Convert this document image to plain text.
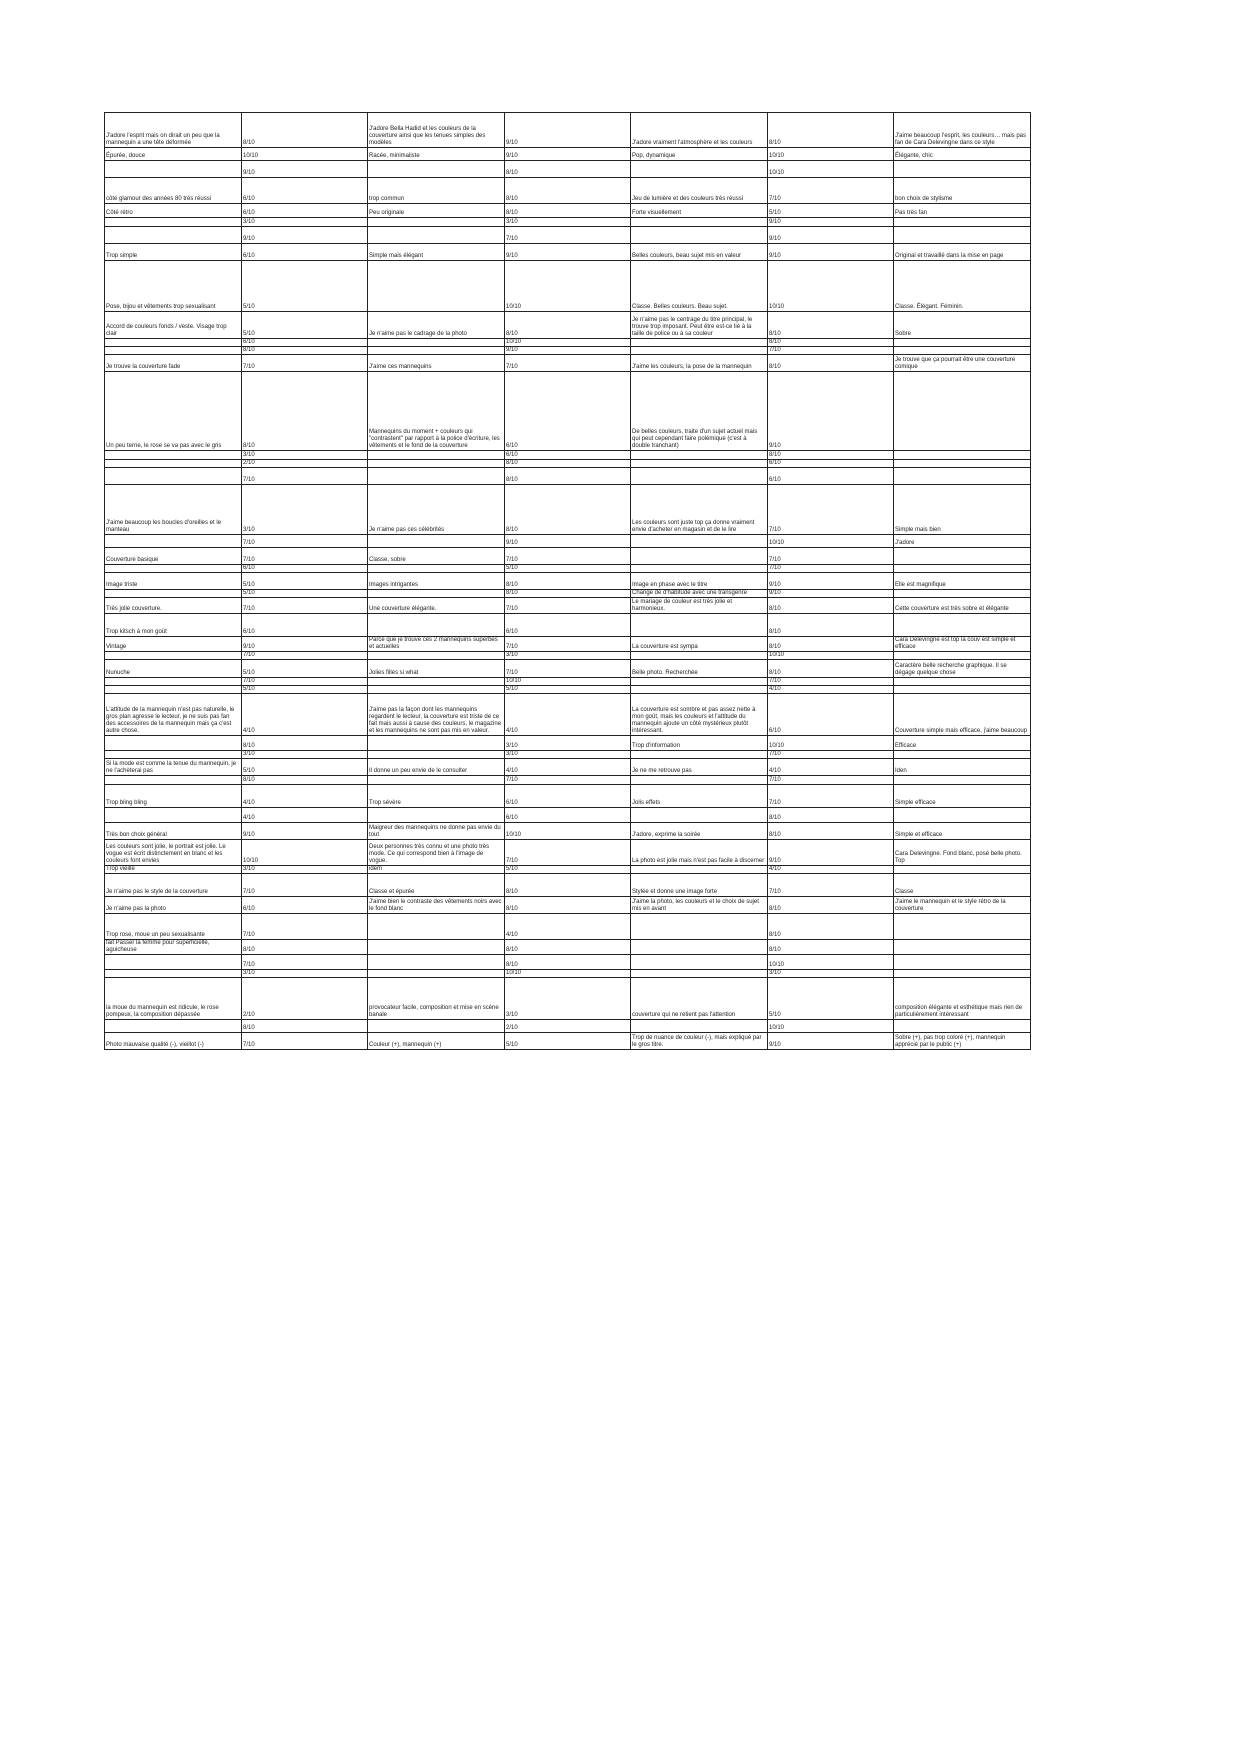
J'adore l'esprit mais on dirait un peu que la mannequin a une tête déformée	8/10	J'adore Bella Hadid et les couleurs de la couverture ainsi que les tenues simples des modèles	9/10	J'adore vraiment l'atmosphère et les couleurs	8/10	J'aime beaucoup l'esprit, les couleurs… mais pas fan de Cara Delevingne dans ce style
Épurée, douce	10/10	Racée, minimaliste	9/10	Pop, dynamique	10/10	Élégante, chic
	9/10		8/10		10/10	
côté glamour des années 80 très réussi	6/10	trop commun	8/10	Jeu de lumière et des couleurs très réussi	7/10	bon choix de stylisme
Côté rétro	6/10	Peu originale	8/10	Forte visuellement	5/10	Pas très fan
	3/10		3/10		9/10	
	9/10		7/10		9/10	
Trop simple	6/10	Simple mais élégant	9/10	Belles couleurs, beau sujet mis en valeur	9/10	Original et travaillé dans la mise en page
Pose, bijou et vêtements trop sexualisant	5/10		10/10	Classe. Belles couleurs. Beau sujet.	10/10	Classe. Élégant. Féminin.
Accord de couleurs fonds / veste. Visage trop clair	5/10	Je n'aime pas le cadrage de la photo	8/10	Je n'aime pas le centrage du titre principal, le trouve trop imposant. Peut être est-ce lié à la taille de police ou à sa couleur	8/10	Sobre
	6/10		10/10		8/10	
	8/10		9/10		7/10	
Je trouve la couverture fade	7/10	J'aime ces mannequins	7/10	J'aime les couleurs, la pose de la mannequin	8/10	Je trouve que ça pourrait être une couverture comique
Un peu terne, le rose se va pas avec le gris	8/10	Mannequins du moment + couleurs qui "contrastent" par rapport à la police d'écriture, les vêtements et le fond de la couverture	6/10	De belles couleurs, traite d'un sujet actuel mais qui peut cependant faire polémique (c'est à double tranchant)	9/10	
	3/10		6/10		8/10	
	2/10		8/10		6/10	
	7/10		8/10		6/10	
J'aime beaucoup les boucles d'oreilles et le manteau	3/10	Je n'aime pas ces célébrités	8/10	Les couleurs sont juste top ça donne vraiment envie d'acheter en magasin et de le lire	7/10	Simple mais bien
	7/10		9/10		10/10	J'adore
Couverture basique	7/10	Classe, sobre	7/10		7/10	
	6/10		5/10		7/10	
Image triste	5/10	Images intrigantes	8/10	Image en phase avec le titre	9/10	Elle est magnifique
	5/10		8/10	Change de d'habitude avec une transgenre	9/10	
Très jolie couverture.	7/10	Une couverture élégante.	7/10	Le mariage de couleur est très jolie et harmonieux.	8/10	Cette couverture est très sobre et élégante
Trop kitsch à mon goût	6/10		6/10		8/10	
Vintage	9/10	Parce que je trouve ces 2 mannequins superbes et actuelles	7/10	La couverture est sympa	8/10	Cara Delevingne est top la couv est simple et efficace
	7/10		3/10		10/10	
Nunuche	5/10	Jolies filles si what	7/10	Belle photo. Recherchée	8/10	Caractère belle recherche graphique. Il se dégage quelque chose
	7/10		10/10		7/10	
	5/10		5/10		4/10	
L'attitude de la mannequin n'est pas naturelle, le gros plan agresse le lecteur, je ne suis pas fan des accessoires de la mannequin mais ça c'est autre chose.	4/10	J'aime pas la façon dont les mannequins regardent le lecteur, la couverture est triste de ce fait mais aussi à cause des couleurs, le magazine et les mannequins ne sont pas mis en valeur.	4/10	La couverture est sombre et pas assez nette à mon goût, mais les couleurs et l'attitude du mannequin ajoute un côté mystérieux plutôt intéressant.	6/10	Couverture simple mais efficace, j'aime beaucoup
	8/10		3/10	Trop d'information	10/10	Efficace
	3/10		3/10		7/10	
Si la mode est comme la tenue du mannequin, je ne l'achèterai pas	5/10	Il donne un peu envie de le consulter	4/10	Je ne me retrouve pas	4/10	Iden
	8/10		7/10		7/10	
Trop bling bling	4/10	Trop sévère	6/10	Jolis effets	7/10	Simple efficace
	4/10		6/10		8/10	
Très bon choix général	9/10	Maigreur des mannequins ne donne pas envie du tout	10/10	J'adore, exprime la soirée	8/10	Simple et efficace
Les couleurs sont jolie, le portrait est jolie. Le vogue est écrit distinctement en blanc et les couleurs font envies	10/10	Deux personnes très connu et une photo très mode. Ce qui correspond bien à l'image de vogue.	7/10	La photo est jolie mais n'est pas facile à discerner	9/10	Cara Delevingne. Fond blanc, posé belle photo. Top
Trop vieille	3/10	idem	5/10		4/10	
Je n'aime pas le style de la couverture	7/10	Classe et épurée	8/10	Stylée et donne une image forte	7/10	Classe
Je n'aime pas la photo	6/10	J'aime bien le contraste des vêtements noirs avec le fond blanc	8/10	J'aime la photo, les couleurs et le choix de sujet mis en avant	8/10	J'aime le mannequin et le style rétro de la couverture
Trop rose, moue un peu sexualisante	7/10		4/10		8/10	
fait Passer la femme pour superficielle, aguicheuse	8/10		8/10		8/10	
	7/10		8/10		10/10	
	3/10		10/10		3/10	
la moue du mannequin est ridicule, le rose pompeux, la composition dépassée	2/10	provocateur facile, composition et mise en scène banale	3/10	couverture qui ne retient pas l'attention	5/10	composition élégante et esthétique mais rien de particulièrement intéressant
	8/10		2/10		10/10	
Photo mauvaise qualité (-), vieillot (-)	7/10	Couleur (+), mannequin (+)	5/10	Trop de nuance de couleur (-), mais expliqué par le gros titre.	9/10	Sobre (+), pas trop coloré (+), mannequin apprécié par le public (+)
